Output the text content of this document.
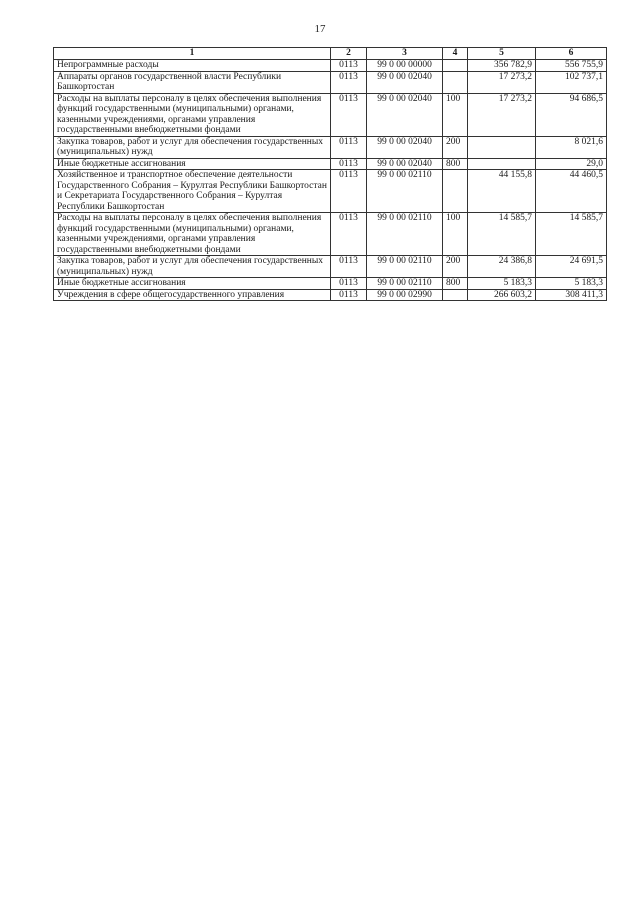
17
1	2	3	4	5	6
Непрограммные расходы	0113	99 0 00 00000		356 782,9	556 755,9
Аппараты органов государственной власти Республики Башкортостан	0113	99 0 00 02040		17 273,2	102 737,1
Расходы на выплаты персоналу в целях обеспечения выполнения функций государственными (муниципальными) органами, казенными учреждениями, органами управления государственными внебюджетными фондами	0113	99 0 00 02040	100	17 273,2	94 686,5
Закупка товаров, работ и услуг для обеспечения государственных (муниципальных) нужд	0113	99 0 00 02040	200		8 021,6
Иные бюджетные ассигнования	0113	99 0 00 02040	800		29,0
Хозяйственное и транспортное обеспечение деятельности Государственного Собрания – Курултая Республики Башкортостан и Секретариата Государственного Собрания – Курултая Республики Башкортостан	0113	99 0 00 02110		44 155,8	44 460,5
Расходы на выплаты персоналу в целях обеспечения выполнения функций государственными (муниципальными) органами, казенными учреждениями, органами управления государственными внебюджетными фондами	0113	99 0 00 02110	100	14 585,7	14 585,7
Закупка товаров, работ и услуг для обеспечения государственных (муниципальных) нужд	0113	99 0 00 02110	200	24 386,8	24 691,5
Иные бюджетные ассигнования	0113	99 0 00 02110	800	5 183,3	5 183,3
Учреждения в сфере общегосударственного управления	0113	99 0 00 02990		266 603,2	308 411,3
